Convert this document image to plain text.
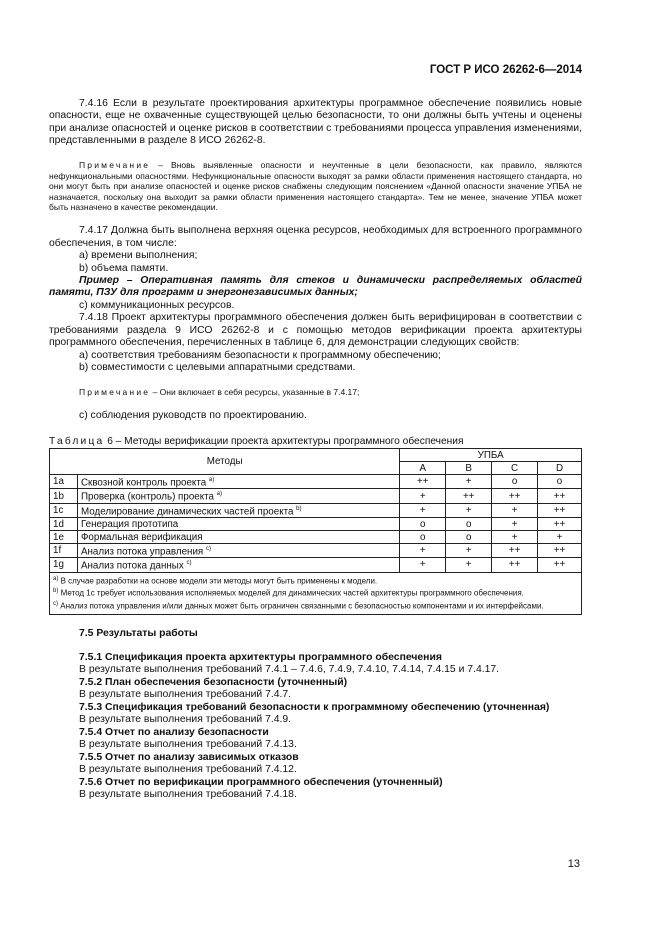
ГОСТ Р ИСО 26262-6—2014

7.4.16 Если в результате проектирования архитектуры программное обеспечение появились новые опасности, еще не охваченные существующей целью безопасности, то они должны быть учтены и оценены при анализе опасностей и оценке рисков в соответствии с требованиями процесса управления изменениями, представленными в разделе 8 ИСО 26262-8.

Примечание – Вновь выявленные опасности и неучтенные в цели безопасности, как правило, являются нефункциональными опасностями. Нефункциональные опасности выходят за рамки области применения настоящего стандарта, но они могут быть при анализе опасностей и оценке рисков снабжены следующим пояснением «Данной опасности значение УПБА не назначается, поскольку она выходит за рамки области применения настоящего стандарта». Тем не менее, значение УПБА может быть назначено в качестве рекомендации.

7.4.17 Должна быть выполнена верхняя оценка ресурсов, необходимых для встроенного программного обеспечения, в том числе:

a) времени выполнения;

b) объема памяти.

Пример – Оперативная память для стеков и динамически распределяемых областей памяти, ПЗУ для программ и энергонезависимых данных;

c) коммуникационных ресурсов.

7.4.18 Проект архитектуры программного обеспечения должен быть верифицирован в соответствии с требованиями раздела 9 ИСО 26262-8 и с помощью методов верификации проекта архитектуры программного обеспечения, перечисленных в таблице 6, для демонстрации следующих свойств:

a) соответствия требованиям безопасности к программному обеспечению;

b) совместимости с целевыми аппаратными средствами.

Примечание – Они включает в себя ресурсы, указанные в 7.4.17;

c) соблюдения руководств по проектированию.

Таблица 6 – Методы верификации проекта архитектуры программного обеспечения

Методы		УПБА			
		A	B	C	D
1a	Сквозной контроль проекта $^{a)}$	++	+	o	o
1b	Проверка (контроль) проекта $^{a)}$	+	++	++	++
1c	Моделирование динамических частей проекта $^{b)}$	+	+	+	++
1d	Генерация прототипа	o	o	+	++
1e	Формальная верификация	o	o	+	+
1f	Анализ потока управления $^{c)}$	+	+	++	++
1g	Анализ потока данных $^{c)}$	+	+	++	++

$^{a)}$ В случае разработки на основе модели эти методы могут быть применены к модели.
$^{b)}$ Метод 1c требует использования исполняемых моделей для динамических частей архитектуры программного обеспечения.
$^{c)}$ Анализ потока управления и/или данных может быть ограничен связанными с безопасностью компонентами и их интерфейсами.					

7.5 Результаты работы

7.5.1 Спецификация проекта архитектуры программного обеспечения

В результате выполнения требований 7.4.1 – 7.4.6, 7.4.9, 7.4.10, 7.4.14, 7.4.15 и 7.4.17.

7.5.2 План обеспечения безопасности (уточненный)

В результате выполнения требований 7.4.7.

7.5.3 Спецификация требований безопасности к программному обеспечению (уточненная)

В результате выполнения требований 7.4.9.

7.5.4 Отчет по анализу безопасности

В результате выполнения требований 7.4.13.

7.5.5 Отчет по анализу зависимых отказов

В результате выполнения требований 7.4.12.

7.5.6 Отчет по верификации программного обеспечения (уточненный)

В результате выполнения требований 7.4.18.

13
